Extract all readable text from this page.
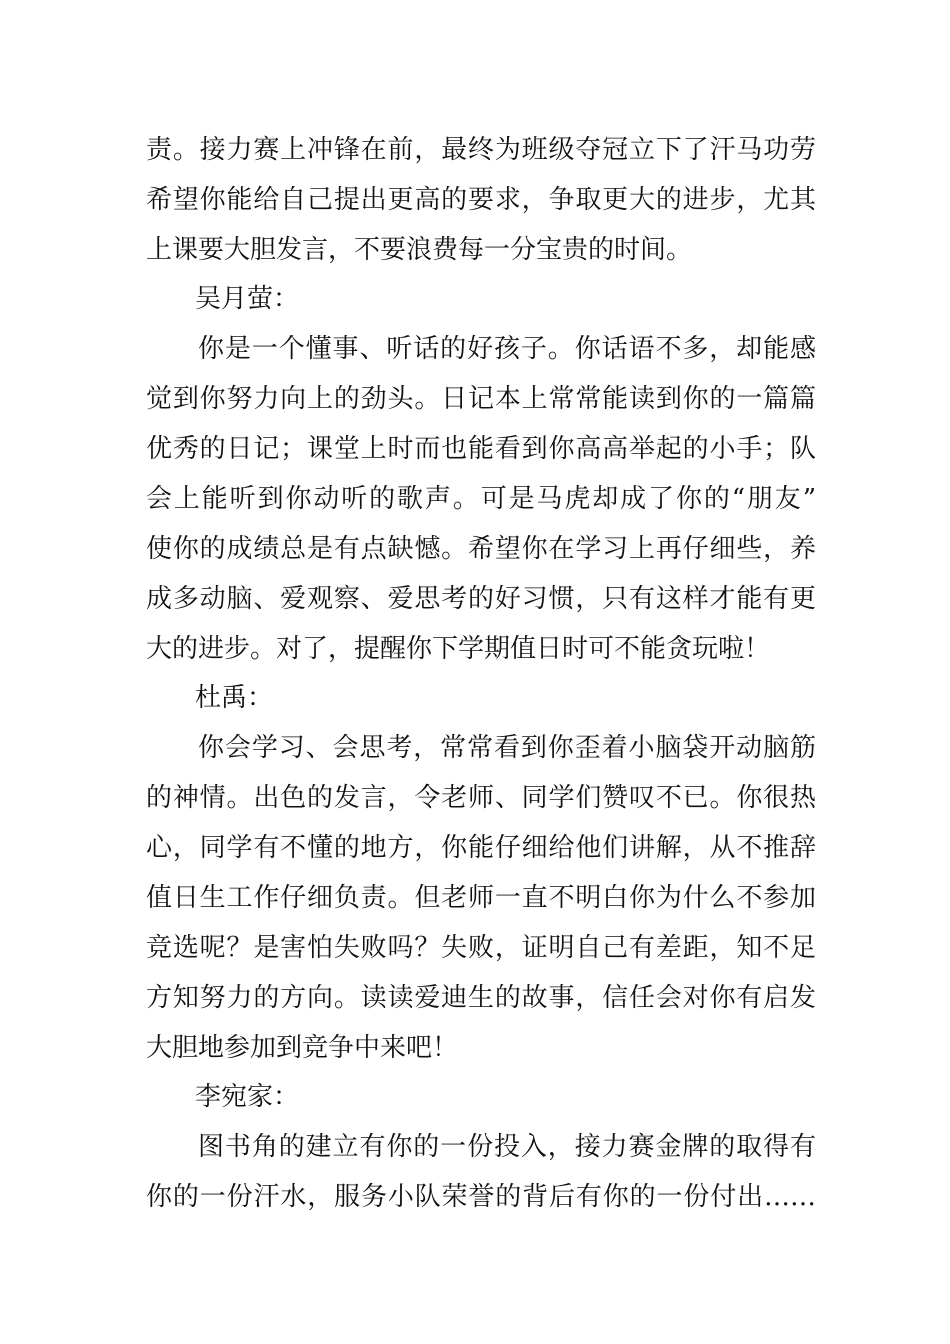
责。接力赛上冲锋在前，最终为班级夺冠立下了汗马功劳
希望你能给自己提出更高的要求，争取更大的进步，尤其
上课要大胆发言，不要浪费每一分宝贵的时间。
吴月萤：
你是一个懂事、听话的好孩子。你话语不多，却能感
觉到你努力向上的劲头。日记本上常常能读到你的一篇篇
优秀的日记；课堂上时而也能看到你高高举起的小手；队
会上能听到你动听的歌声。可是马虎却成了你的“朋友”
使你的成绩总是有点缺憾。希望你在学习上再仔细些，养
成多动脑、爱观察、爱思考的好习惯，只有这样才能有更
大的进步。对了，提醒你下学期值日时可不能贪玩啦！
杜禹：
你会学习、会思考，常常看到你歪着小脑袋开动脑筋
的神情。出色的发言，令老师、同学们赞叹不已。你很热
心，同学有不懂的地方，你能仔细给他们讲解，从不推辞
值日生工作仔细负责。但老师一直不明白你为什么不参加
竞选呢？是害怕失败吗？失败，证明自己有差距，知不足
方知努力的方向。读读爱迪生的故事，信任会对你有启发
大胆地参加到竞争中来吧！
李宛家：
图书角的建立有你的一份投入，接力赛金牌的取得有
你的一份汗水，服务小队荣誉的背后有你的一份付出……
